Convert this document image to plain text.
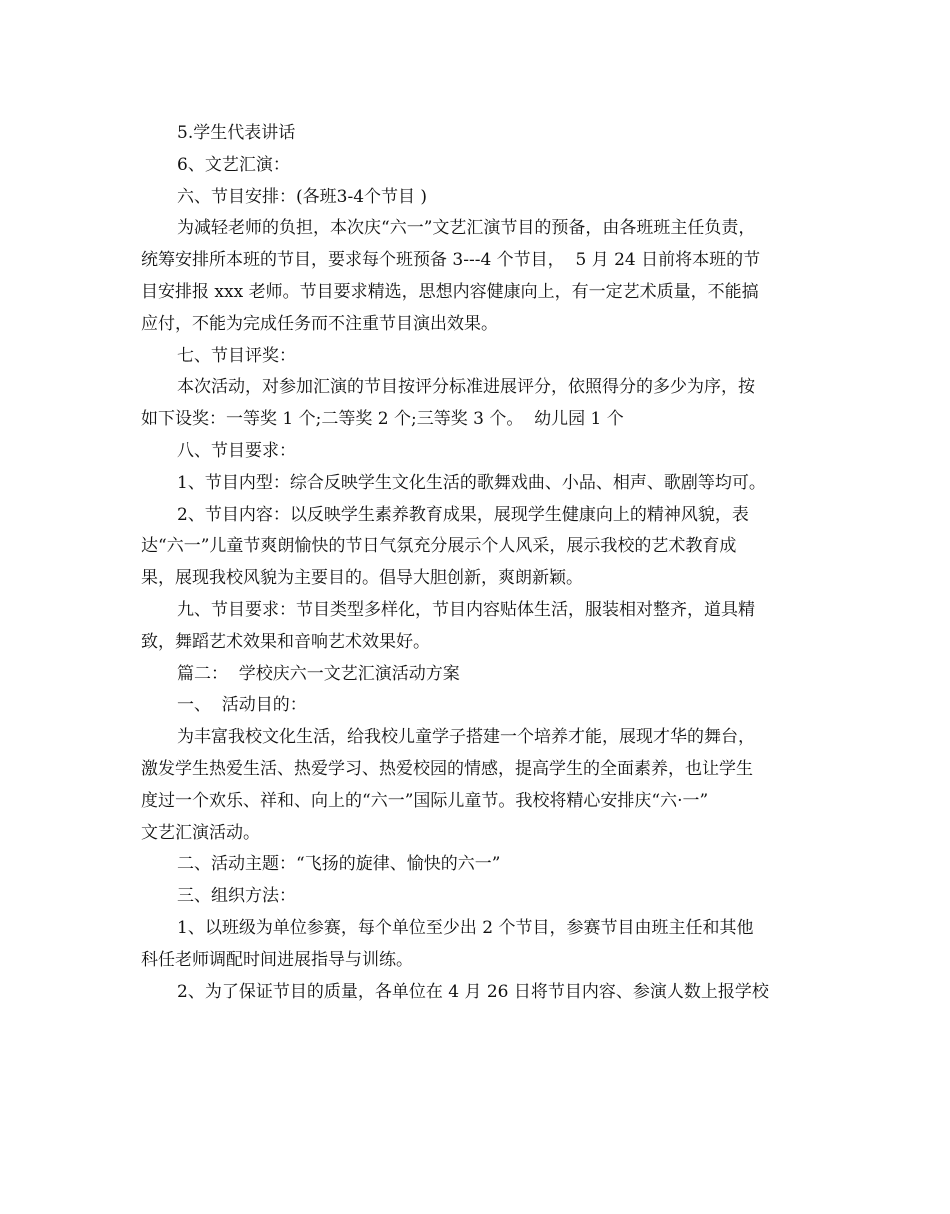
5.学生代表讲话
6、文艺汇演：
六、节目安排：(各班3-4个节目 )
为减轻老师的负担，本次庆“六一”文艺汇演节目的预备，由各班班主任负责，
统筹安排所本班的节目，要求每个班预备 3---4 个节目，  5 月 24 日前将本班的节
目安排报 xxx 老师。节目要求精选，思想内容健康向上，有一定艺术质量，不能搞
应付，不能为完成任务而不注重节目演出效果。
七、节目评奖：
本次活动，对参加汇演的节目按评分标准进展评分，依照得分的多少为序，按
如下设奖：一等奖 1 个;二等奖 2 个;三等奖 3 个。  幼儿园 1 个
八、节目要求：
1、节目内型：综合反映学生文化生活的歌舞戏曲、小品、相声、歌剧等均可。
2、节目内容：以反映学生素养教育成果，展现学生健康向上的精神风貌，表
达“六一”儿童节爽朗愉快的节日气氛充分展示个人风采，展示我校的艺术教育成
果，展现我校风貌为主要目的。倡导大胆创新，爽朗新颖。
九、节目要求：节目类型多样化，节目内容贴体生活，服装相对整齐，道具精
致，舞蹈艺术效果和音响艺术效果好。
篇二：  学校庆六一文艺汇演活动方案
一、  活动目的：
为丰富我校文化生活，给我校儿童学子搭建一个培养才能，展现才华的舞台，
激发学生热爱生活、热爱学习、热爱校园的情感，提高学生的全面素养，也让学生
度过一个欢乐、祥和、向上的“六一”国际儿童节。我校将精心安排庆“六·一”
文艺汇演活动。
二、活动主题：“飞扬的旋律、愉快的六一”
三、组织方法：
1、以班级为单位参赛，每个单位至少出 2 个节目，参赛节目由班主任和其他
科任老师调配时间进展指导与训练。
2、为了保证节目的质量，各单位在 4 月 26 日将节目内容、参演人数上报学校
